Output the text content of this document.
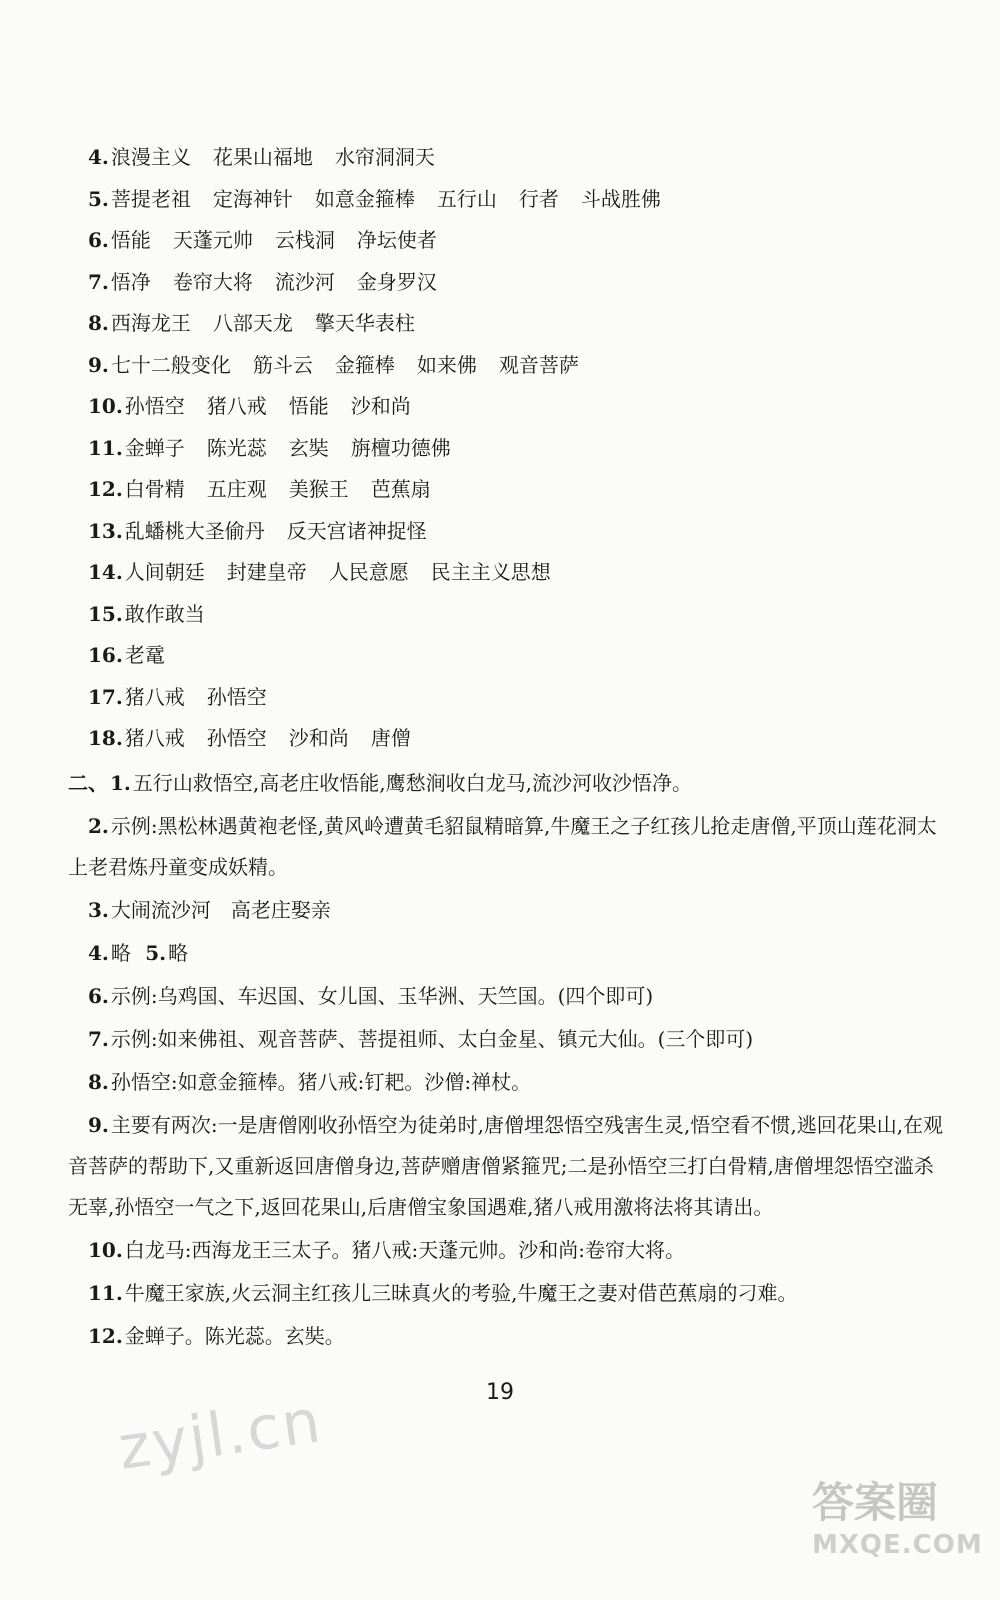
4. 浪漫主义 花果山福地 水帘洞洞天
5. 菩提老祖 定海神针 如意金箍棒 五行山 行者 斗战胜佛
6. 悟能 天蓬元帅 云栈洞 净坛使者
7. 悟净 卷帘大将 流沙河 金身罗汉
8. 西海龙王 八部天龙 擎天华表柱
9. 七十二般变化 筋斗云 金箍棒 如来佛 观音菩萨
10. 孙悟空 猪八戒 悟能 沙和尚
11. 金蝉子 陈光蕊 玄奘 旃檀功德佛
12. 白骨精 五庄观 美猴王 芭蕉扇
13. 乱蟠桃大圣偷丹 反天宫诸神捉怪
14. 人间朝廷 封建皇帝 人民意愿 民主主义思想
15. 敢作敢当
16. 老鼋
17. 猪八戒 孙悟空
18. 猪八戒 孙悟空 沙和尚 唐僧
二、 1. 五行山救悟空,高老庄收悟能,鹰愁涧收白龙马,流沙河收沙悟净。
2. 示例:黑松林遇黄袍老怪,黄风岭遭黄毛貂鼠精暗算,牛魔王之子红孩儿抢走唐僧,平顶山莲花洞太上老君炼丹童变成妖精。
3. 大闹流沙河　高老庄娶亲
4. 略 5. 略
6. 示例:乌鸡国、车迟国、女儿国、玉华洲、天竺国。(四个即可)
7. 示例:如来佛祖、观音菩萨、菩提祖师、太白金星、镇元大仙。(三个即可)
8. 孙悟空:如意金箍棒。猪八戒:钉耙。沙僧:禅杖。
9. 主要有两次:一是唐僧刚收孙悟空为徒弟时,唐僧埋怨悟空残害生灵,悟空看不惯,逃回花果山,在观音菩萨的帮助下,又重新返回唐僧身边,菩萨赠唐僧紧箍咒;二是孙悟空三打白骨精,唐僧埋怨悟空滥杀无辜,孙悟空一气之下,返回花果山,后唐僧宝象国遇难,猪八戒用激将法将其请出。
10. 白龙马:西海龙王三太子。猪八戒:天蓬元帅。沙和尚:卷帘大将。
11. 牛魔王家族,火云洞主红孩儿三昧真火的考验,牛魔王之妻对借芭蕉扇的刁难。
12. 金蝉子。陈光蕊。玄奘。
19
zyjl.cn
答案圈
MXQE.COM
